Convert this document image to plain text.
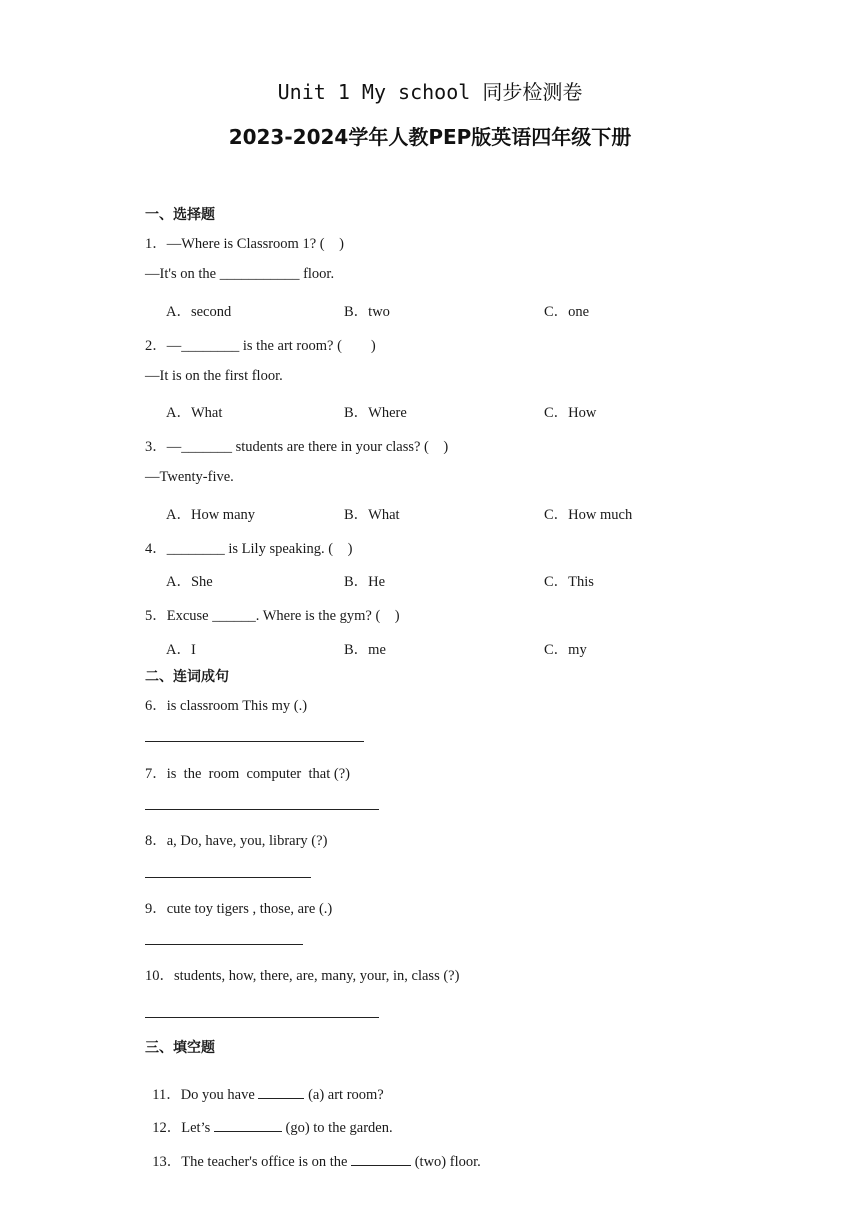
Unit 1 My school 同步检测卷
2023-2024学年人教PEP版英语四年级下册
一、选择题
1．—Where is Classroom 1? (    )
—It's on the ___________ floor.
A．second	B．two	C．one
2．—________ is the art room? (        )
—It is on the first floor.
A．What	B．Where	C．How
3．—_______ students are there in your class? (    )
—Twenty-five.
A．How many	B．What	C．How much
4．________ is Lily speaking. (    )
A．She	B．He	C．This
5．Excuse ______. Where is the gym? (    )
A．I	B．me	C．my
二、连词成句
6．is classroom This my (.)
7．is  the  room  computer  that (?)
8．a, Do, have, you, library (?)
9．cute toy tigers , those, are (.)
10．students, how, there, are, many, your, in, class (?)
三、填空题

11．Do you have	(a) art room?

12．Let’s	(go) to the garden.

13．The teacher's office is on the	(two) floor.
